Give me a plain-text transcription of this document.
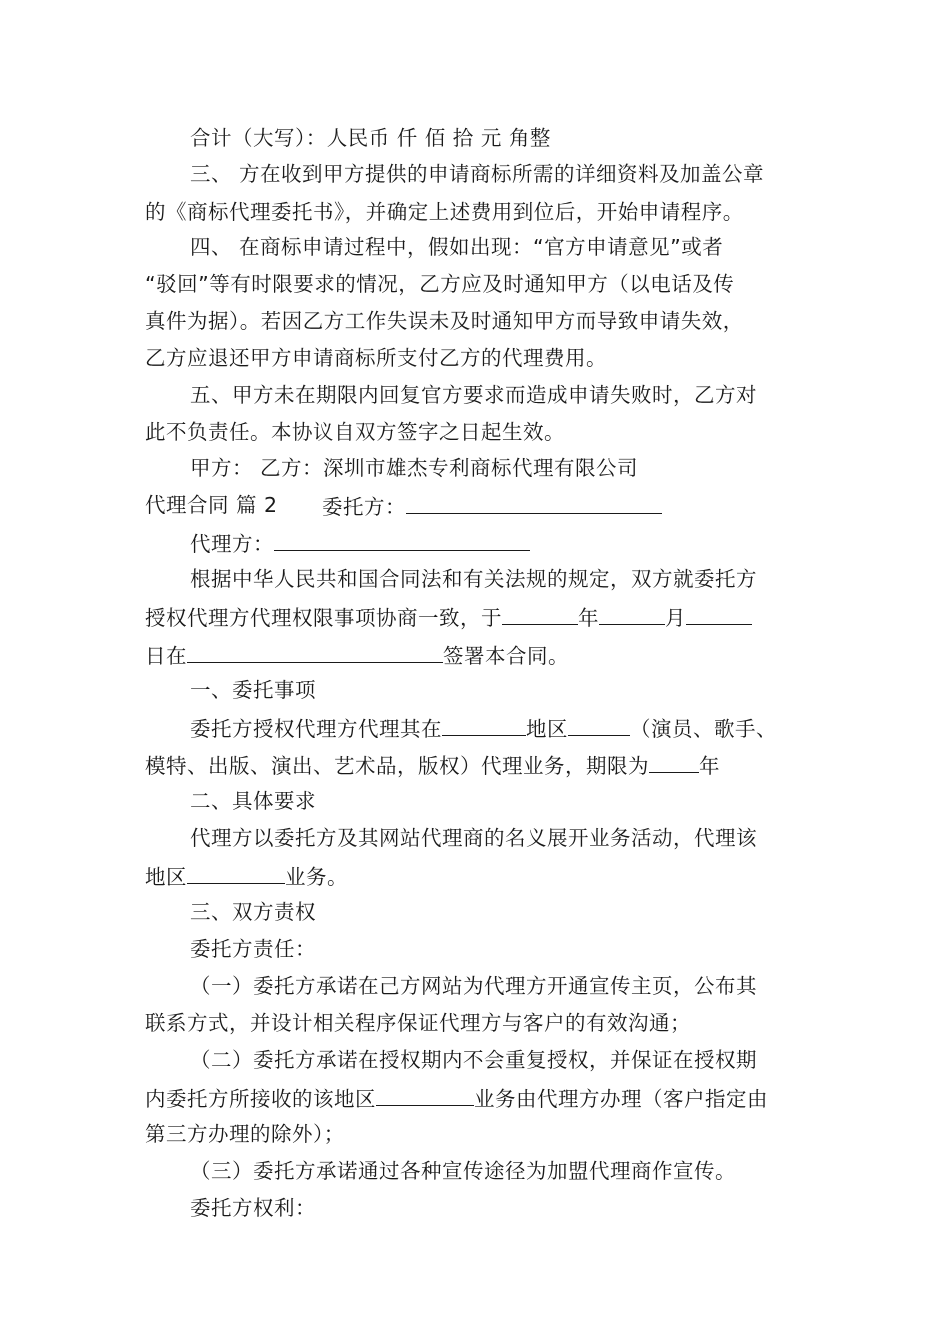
合计（大写）：人民币 仟 佰 拾 元 角整
三、 方在收到甲方提供的申请商标所需的详细资料及加盖公章
的《商标代理委托书》，并确定上述费用到位后，开始申请程序。
四、 在商标申请过程中，假如出现：“官方申请意见”或者
“驳回”等有时限要求的情况，乙方应及时通知甲方（以电话及传
真件为据）。若因乙方工作失误未及时通知甲方而导致申请失效，
乙方应退还甲方申请商标所支付乙方的代理费用。
五、甲方未在期限内回复官方要求而造成申请失败时，乙方对
此不负责任。本协议自双方签字之日起生效。
甲方： 乙方：深圳市雄杰专利商标代理有限公司
代理合同 篇 2 委托方：
代理方：
根据中华人民共和国合同法和有关法规的规定，双方就委托方
授权代理方代理权限事项协商一致，于	年	月
日在	签署本合同。
一、委托事项
委托方授权代理方代理其在	地区	（演员、歌手、
模特、出版、演出、艺术品，版权）代理业务，期限为 年
二、具体要求
代理方以委托方及其网站代理商的名义展开业务活动，代理该
地区	业务。
三、双方责权
委托方责任：
（一）委托方承诺在己方网站为代理方开通宣传主页，公布其
联系方式，并设计相关程序保证代理方与客户的有效沟通；
（二）委托方承诺在授权期内不会重复授权，并保证在授权期
内委托方所接收的该地区	业务由代理方办理（客户指定由
第三方办理的除外）；
（三）委托方承诺通过各种宣传途径为加盟代理商作宣传。
委托方权利：
